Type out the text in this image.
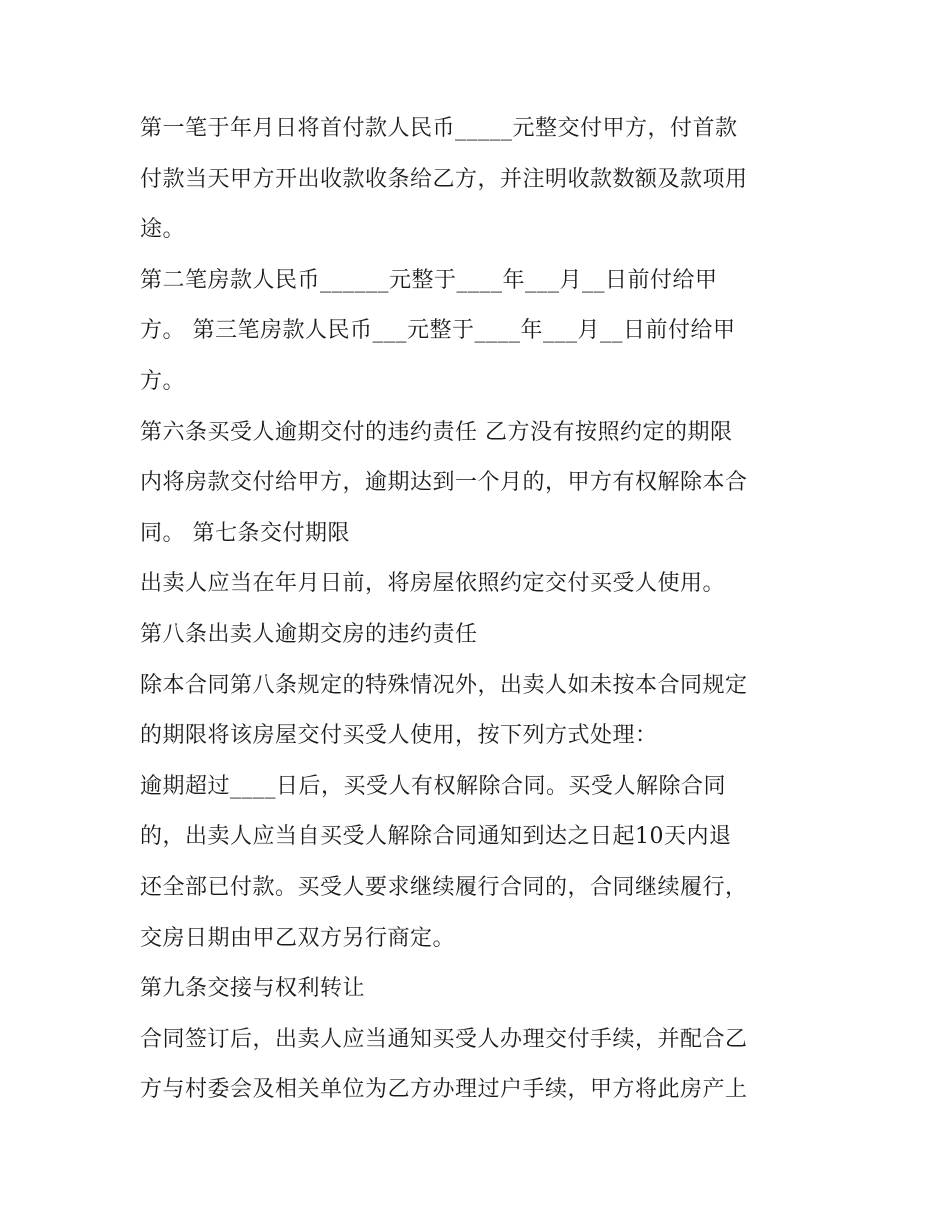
第一笔于年月日将首付款人民币_____元整交付甲方，付首款
付款当天甲方开出收款收条给乙方，并注明收款数额及款项用
途。
第二笔房款人民币______元整于____年___月__日前付给甲
方。 第三笔房款人民币___元整于____年___月__日前付给甲
方。
第六条买受人逾期交付的违约责任 乙方没有按照约定的期限
内将房款交付给甲方，逾期达到一个月的，甲方有权解除本合
同。 第七条交付期限
出卖人应当在年月日前，将房屋依照约定交付买受人使用。
第八条出卖人逾期交房的违约责任
除本合同第八条规定的特殊情况外，出卖人如未按本合同规定
的期限将该房屋交付买受人使用，按下列方式处理：
逾期超过____日后，买受人有权解除合同。买受人解除合同
的，出卖人应当自买受人解除合同通知到达之日起10天内退
还全部已付款。买受人要求继续履行合同的，合同继续履行，
交房日期由甲乙双方另行商定。
第九条交接与权利转让
合同签订后，出卖人应当通知买受人办理交付手续，并配合乙
方与村委会及相关单位为乙方办理过户手续，甲方将此房产上
